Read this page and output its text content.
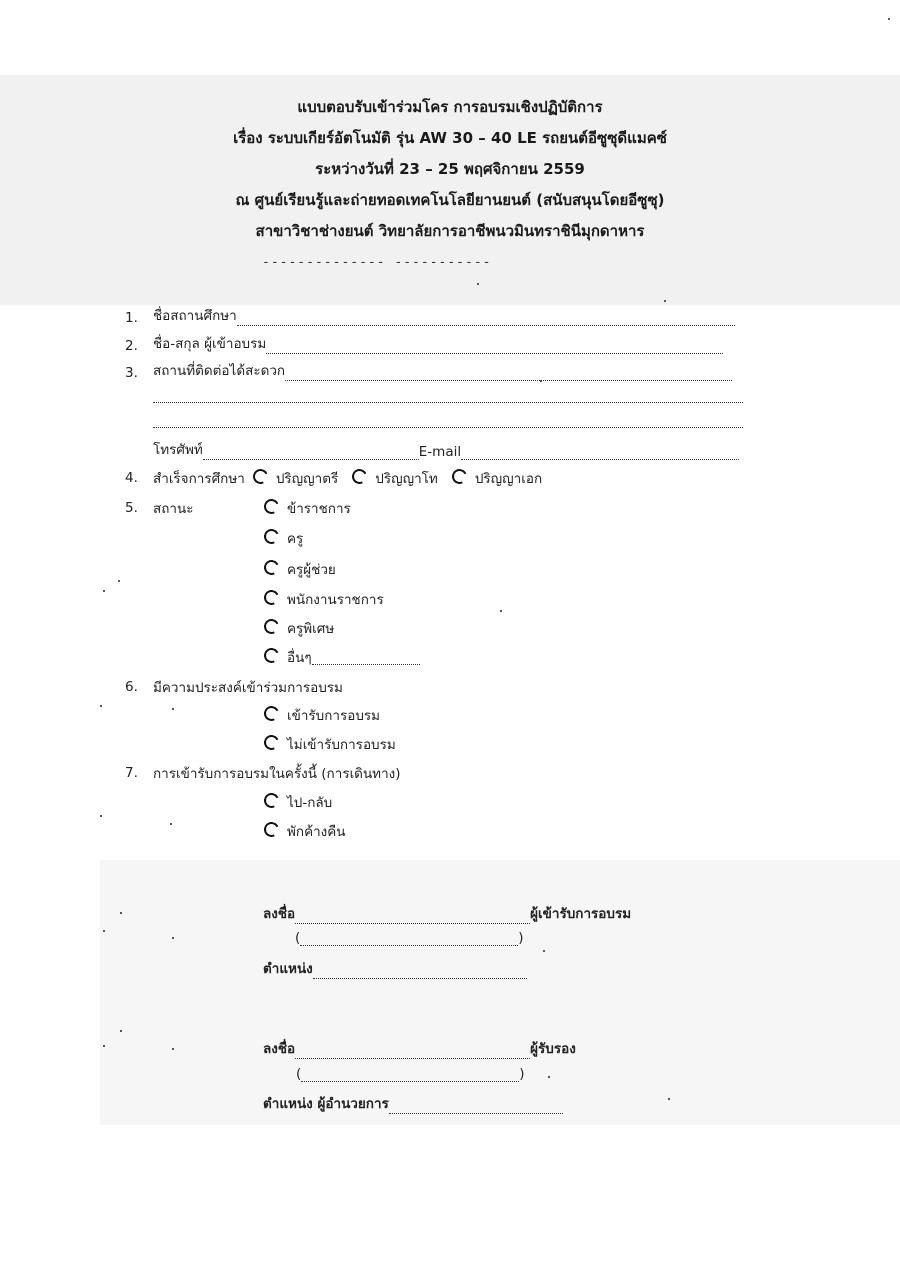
แบบตอบรับเข้าร่วมโคร การอบรมเชิงปฏิบัติการ
เรื่อง ระบบเกียร์อัตโนมัติ รุ่น AW 30 – 40 LE รถยนต์อีซูซุดีแมคซ์
ระหว่างวันที่ 23 – 25 พฤศจิกายน 2559
ณ ศูนย์เรียนรู้และถ่ายทอดเทคโนโลยียานยนต์ (สนับสนุนโดยอีซูซุ)
สาขาวิชาช่างยนต์ วิทยาลัยการอาชีพนวมินทราชินีมุกดาหาร
-------------- -----------
1.	ชื่อสถานศึกษา
2.	ชื่อ-สกุล ผู้เข้าอบรม
3.	สถานที่ติดต่อได้สะดวก
โทรศัพท์	E-mail
4.	สำเร็จการศึกษา ปริญญาตรี	ปริญญาโท	ปริญญาเอก
5.	สถานะ	ข้าราชการ
ครู
ครูผู้ช่วย
พนักงานราชการ
ครูพิเศษ
อื่นๆ
6.	มีความประสงค์เข้าร่วมการอบรม
เข้ารับการอบรม
ไม่เข้ารับการอบรม
7.	การเข้ารับการอบรมในครั้งนี้ (การเดินทาง)
ไป-กลับ
พักค้างคืน
ลงชื่อ	ผู้เข้ารับการอบรม
(	)
ตำแหน่ง
ลงชื่อ	ผู้รับรอง
(	)
ตำแหน่ง ผู้อำนวยการ
